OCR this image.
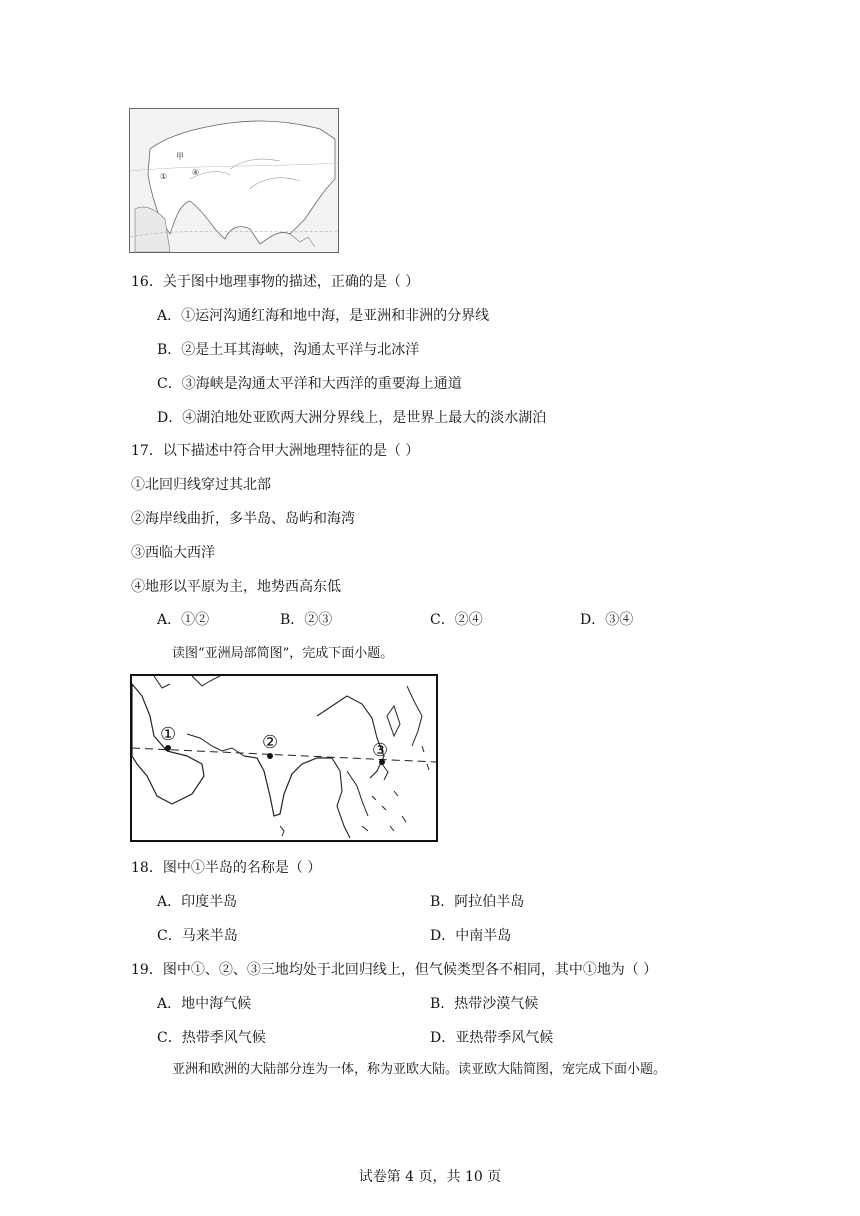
甲
①	④
16．关于图中地理事物的描述，正确的是（ ）
A．①运河沟通红海和地中海，是亚洲和非洲的分界线
B．②是土耳其海峡，沟通太平洋与北冰洋
C．③海峡是沟通太平洋和大西洋的重要海上通道
D．④湖泊地处亚欧两大洲分界线上，是世界上最大的淡水湖泊
17．以下描述中符合甲大洲地理特征的是（ ）
①北回归线穿过其北部
②海岸线曲折，多半岛、岛屿和海湾
③西临大西洋
④地形以平原为主，地势西高东低
A．①②	B．②③	C．②④	D．③④
读图“亚洲局部简图”，完成下面小题。
①	②	③
18．图中①半岛的名称是（ ）
A．印度半岛	B．阿拉伯半岛
C．马来半岛	D．中南半岛
19．图中①、②、③三地均处于北回归线上，但气候类型各不相同，其中①地为（ ）
A．地中海气候	B．热带沙漠气候
C．热带季风气候	D．亚热带季风气候
亚洲和欧洲的大陆部分连为一体，称为亚欧大陆。读亚欧大陆简图，宠完成下面小题。
试卷第 4 页，共 10 页
